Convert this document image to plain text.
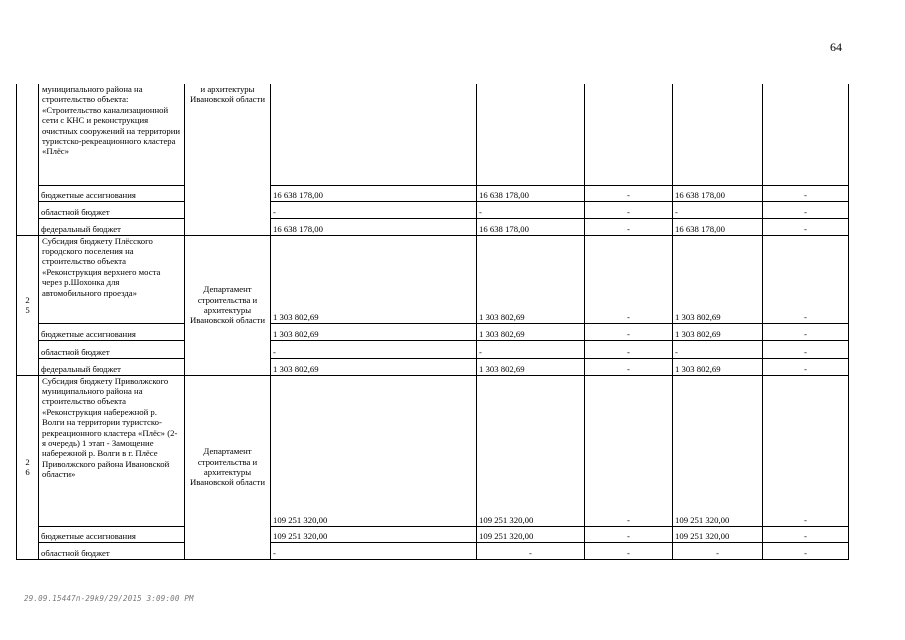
64
	муниципального района на строительство объекта: «Строительство канализационной сети с КНС и реконструкция очистных сооружений на территории туристско-рекреационного кластера «Плёс»	и архитектуры Ивановской области					
	бюджетные ассигнования		16 638 178,00	16 638 178,00	-	16 638 178,00	-
	областной бюджет		-	-	-	-	-
	федеральный бюджет		16 638 178,00	16 638 178,00	-	16 638 178,00	-

2
5	Субсидия бюджету Плёсского городского поселения на строительство объекта «Реконструкция верхнего моста через р.Шохонка для автомобильного проезда»	Департамент строительства и архитектуры Ивановской области	1 303 802,69	1 303 802,69	-	1 303 802,69	-
	бюджетные ассигнования		1 303 802,69	1 303 802,69	-	1 303 802,69	-
	областной бюджет		-	-	-	-	-
	федеральный бюджет		1 303 802,69	1 303 802,69	-	1 303 802,69	-

2
6	Субсидия бюджету Приволжского муниципального района на строительство объекта «Реконструкция набережной р. Волги на территории туристско-рекреационного кластера «Плёс» (2-я очередь) 1 этап - Замощение набережной р. Волги в г. Плёсе Приволжского района Ивановской области»	Департамент строительства и архитектуры Ивановской области	109 251 320,00	109 251 320,00	-	109 251 320,00	-
	бюджетные ассигнования		109 251 320,00	109 251 320,00	-	109 251 320,00	-
	областной бюджет		-	-	-	-	-
29.09.15447п-29k9/29/2015 3:09:00 PM
